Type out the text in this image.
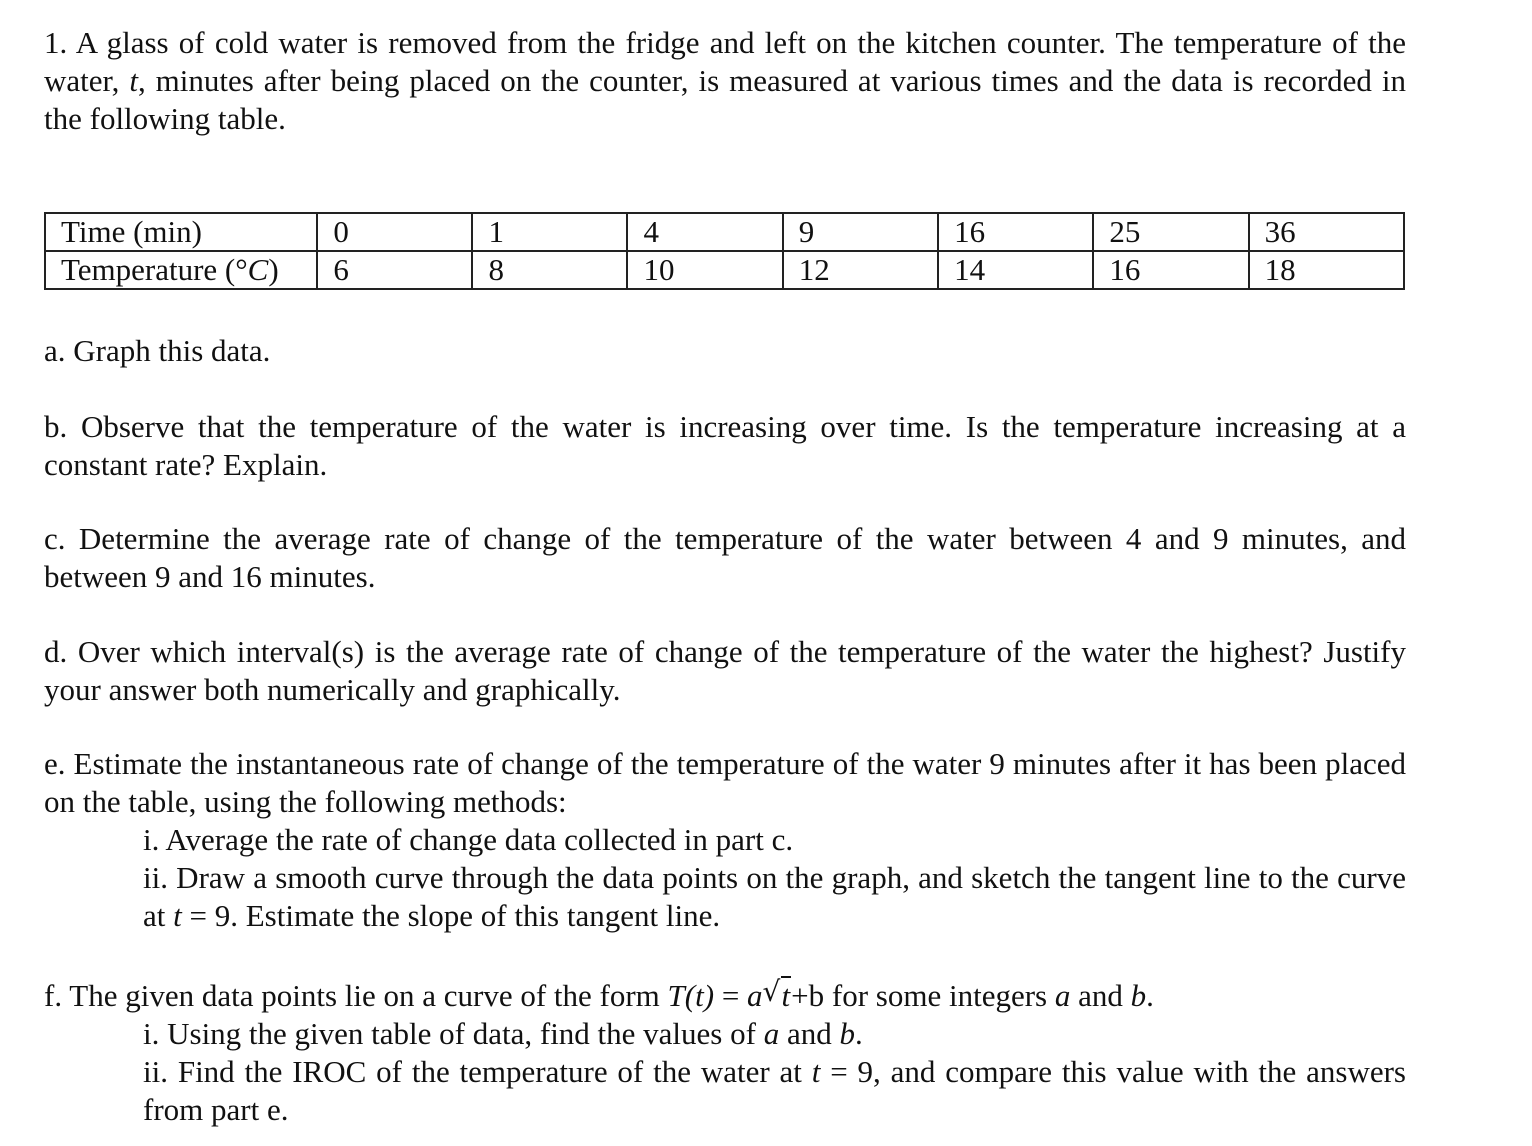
1. A glass of cold water is removed from the fridge and left on the kitchen counter. The temperature of the water, t, minutes after being placed on the counter, is measured at various times and the data is recorded in the following table.

Time (min)	0	1	4	9	16	25	36
Temperature (°C)	6	8	10	12	14	16	18

a. Graph this data.

b. Observe that the temperature of the water is increasing over time. Is the temperature increasing at a constant rate? Explain.

c. Determine the average rate of change of the temperature of the water between 4 and 9 minutes, and between 9 and 16 minutes.

d. Over which interval(s) is the average rate of change of the temperature of the water the highest? Justify your answer both numerically and graphically.

e. Estimate the instantaneous rate of change of the temperature of the water 9 minutes after it has been placed on the table, using the following methods:

i. Average the rate of change data collected in part c.

ii. Draw a smooth curve through the data points on the graph, and sketch the tangent line to the curve at t = 9. Estimate the slope of this tangent line.

f. The given data points lie on a curve of the form T(t) = a √ t+b for some integers a and b.

i. Using the given table of data, find the values of a and b.

ii. Find the IROC of the temperature of the water at t = 9, and compare this value with the answers from part e.
